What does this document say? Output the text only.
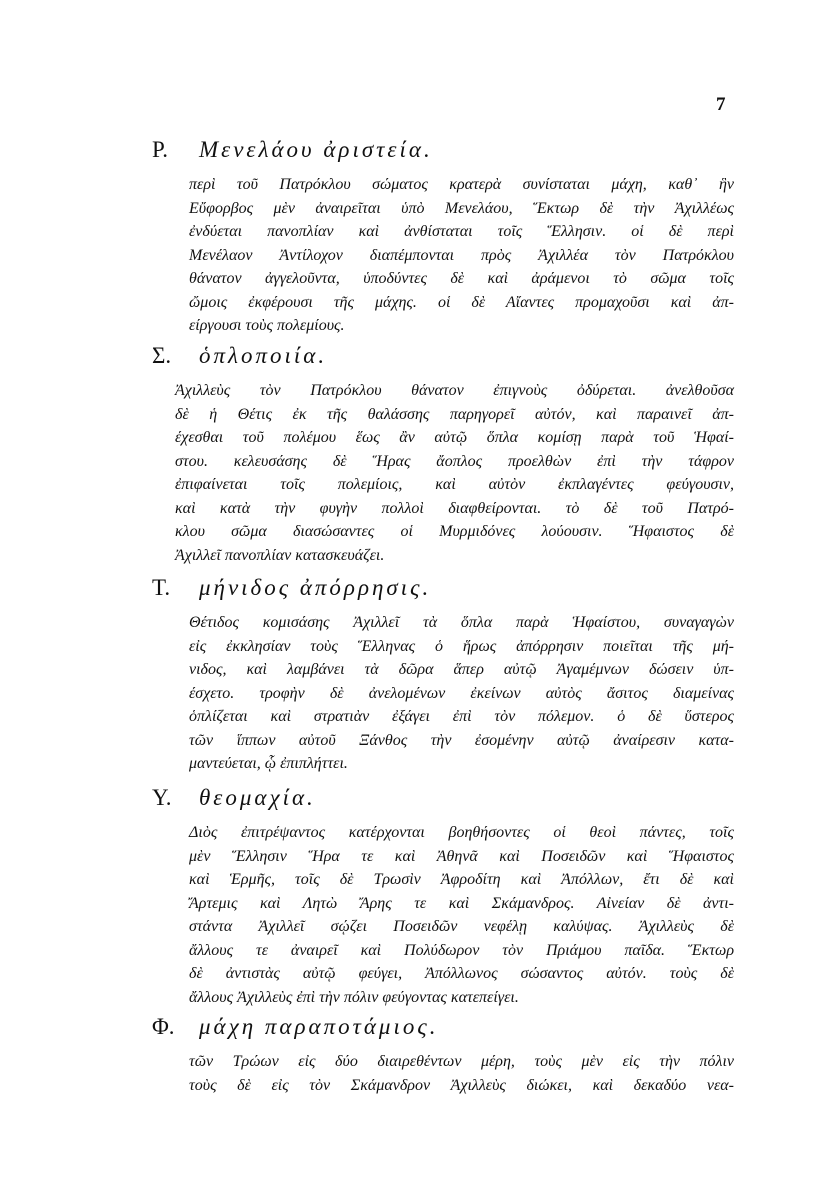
7
Ρ. Μενελάου ἀριστεία.
περὶ τοῦ Πατρόκλου σώματος κρατερὰ συνίσταται μάχη, καθ᾽ ἣν
Εὔφορβος μὲν ἀναιρεῖται ὑπὸ Μενελάου, Ἕκτωρ δὲ τὴν Ἀχιλλέως
ἐνδύεται πανοπλίαν καὶ ἀνθίσταται τοῖς Ἕλλησιν. οἱ δὲ περὶ
Μενέλαον Ἀντίλοχον διαπέμπονται πρὸς Ἀχιλλέα τὸν Πατρόκλου
θάνατον ἀγγελοῦντα, ὑποδύντες δὲ καὶ ἀράμενοι τὸ σῶμα τοῖς
ὤμοις ἐκφέρουσι τῆς μάχης. οἱ δὲ Αἴαντες προμαχοῦσι καὶ ἀπ-
είργουσι τοὺς πολεμίους.
Σ. ὁπλοποιία.
Ἀχιλλεὺς τὸν Πατρόκλου θάνατον ἐπιγνοὺς ὀδύρεται. ἀνελθοῦσα
δὲ ἡ Θέτις ἐκ τῆς θαλάσσης παρηγορεῖ αὐτόν, καὶ παραινεῖ ἀπ-
έχεσθαι τοῦ πολέμου ἕως ἂν αὐτῷ ὅπλα κομίσῃ παρὰ τοῦ Ἡφαί-
στου. κελευσάσης δὲ Ἥρας ἄοπλος προελθὼν ἐπὶ τὴν τάφρον
ἐπιφαίνεται τοῖς πολεμίοις, καὶ αὐτὸν ἐκπλαγέντες φεύγουσιν,
καὶ κατὰ τὴν φυγὴν πολλοὶ διαφθείρονται. τὸ δὲ τοῦ Πατρό-
κλου σῶμα διασώσαντες οἱ Μυρμιδόνες λούουσιν. Ἥφαιστος δὲ
Ἀχιλλεῖ πανοπλίαν κατασκευάζει.
Τ. μήνιδος ἀπόρρησις.
Θέτιδος κομισάσης Ἀχιλλεῖ τὰ ὅπλα παρὰ Ἡφαίστου, συναγαγὼν
εἰς ἐκκλησίαν τοὺς Ἕλληνας ὁ ἥρως ἀπόρρησιν ποιεῖται τῆς μή-
νιδος, καὶ λαμβάνει τὰ δῶρα ἅπερ αὐτῷ Ἀγαμέμνων δώσειν ὑπ-
έσχετο. τροφὴν δὲ ἀνελομένων ἐκείνων αὐτὸς ἄσιτος διαμείνας
ὁπλίζεται καὶ στρατιὰν ἐξάγει ἐπὶ τὸν πόλεμον. ὁ δὲ ὕστερος
τῶν ἵππων αὐτοῦ Ξάνθος τὴν ἐσομένην αὐτῷ ἀναίρεσιν κατα-
μαντεύεται, ᾧ ἐπιπλήττει.
Υ. θεομαχία.
Διὸς ἐπιτρέψαντος κατέρχονται βοηθήσοντες οἱ θεοὶ πάντες, τοῖς
μὲν Ἕλλησιν Ἥρα τε καὶ Ἀθηνᾶ καὶ Ποσειδῶν καὶ Ἥφαιστος
καὶ Ἑρμῆς, τοῖς δὲ Τρωσὶν Ἀφροδίτη καὶ Ἀπόλλων, ἔτι δὲ καὶ
Ἄρτεμις καὶ Λητὼ Ἄρης τε καὶ Σκάμανδρος. Αἰνείαν δὲ ἀντι-
στάντα Ἀχιλλεῖ σῴζει Ποσειδῶν νεφέλῃ καλύψας. Ἀχιλλεὺς δὲ
ἄλλους τε ἀναιρεῖ καὶ Πολύδωρον τὸν Πριάμου παῖδα. Ἕκτωρ
δὲ ἀντιστὰς αὐτῷ φεύγει, Ἀπόλλωνος σώσαντος αὐτόν. τοὺς δὲ
ἄλλους Ἀχιλλεὺς ἐπὶ τὴν πόλιν φεύγοντας κατεπείγει.
Φ. μάχη παραποτάμιος.
τῶν Τρώων εἰς δύο διαιρεθέντων μέρη, τοὺς μὲν εἰς τὴν πόλιν
τοὺς δὲ εἰς τὸν Σκάμανδρον Ἀχιλλεὺς διώκει, καὶ δεκαδύο νεα-
